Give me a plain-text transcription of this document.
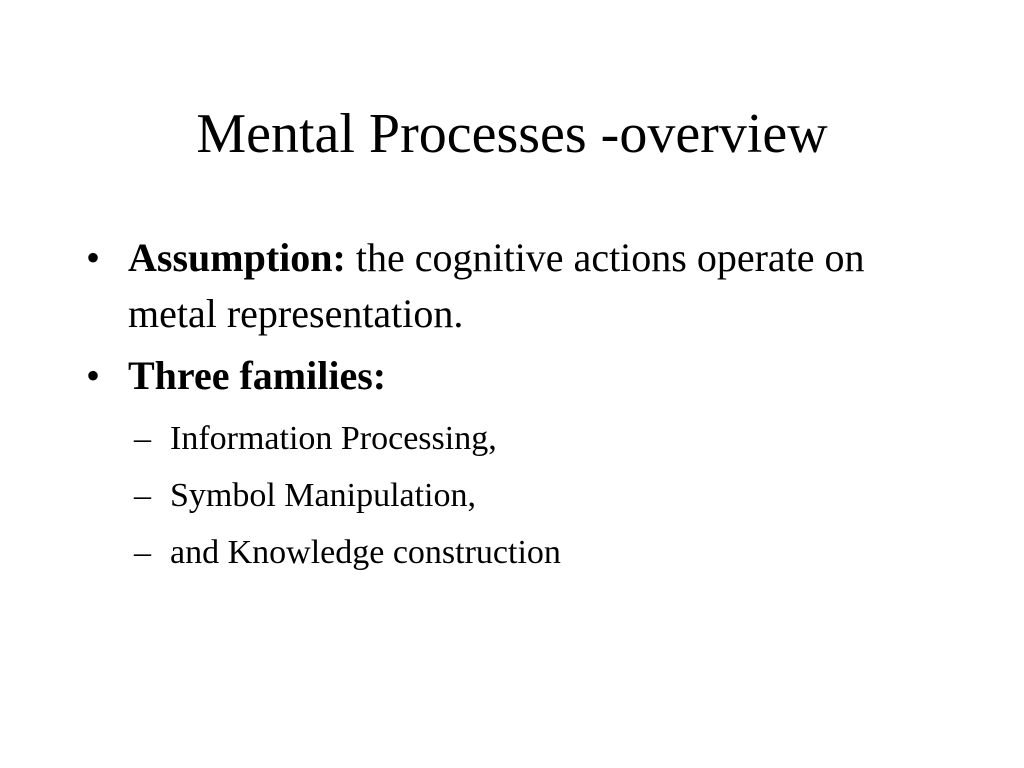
Mental Processes -overview
• Assumption: the cognitive actions operate on metal representation.
• Three families:
– Information Processing,
– Symbol Manipulation,
– and Knowledge construction
